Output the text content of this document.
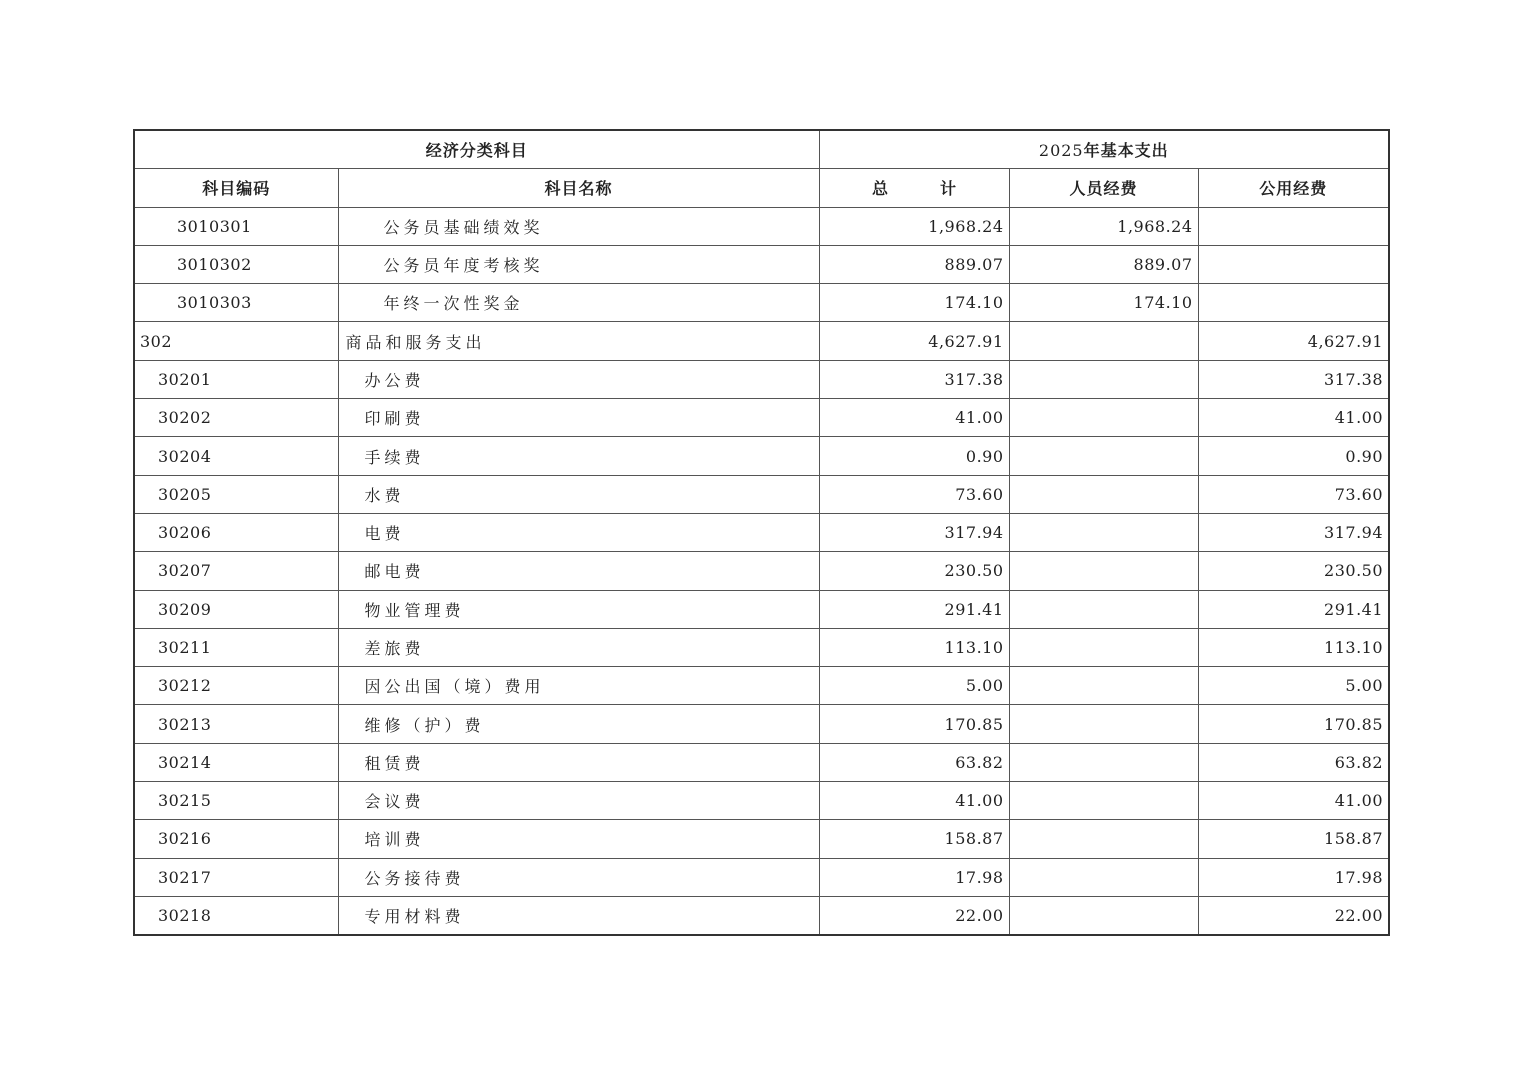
经济分类科目		2025年基本支出		
科目编码	科目名称	总 计	人员经费	公用经费
3010301	公务员基础绩效奖	1,968.24	1,968.24	
3010302	公务员年度考核奖	889.07	889.07	
3010303	年终一次性奖金	174.10	174.10	
302	商品和服务支出	4,627.91		4,627.91
30201	办公费	317.38		317.38
30202	印刷费	41.00		41.00
30204	手续费	0.90		0.90
30205	水费	73.60		73.60
30206	电费	317.94		317.94
30207	邮电费	230.50		230.50
30209	物业管理费	291.41		291.41
30211	差旅费	113.10		113.10
30212	因公出国（境）费用	5.00		5.00
30213	维修（护）费	170.85		170.85
30214	租赁费	63.82		63.82
30215	会议费	41.00		41.00
30216	培训费	158.87		158.87
30217	公务接待费	17.98		17.98
30218	专用材料费	22.00		22.00
